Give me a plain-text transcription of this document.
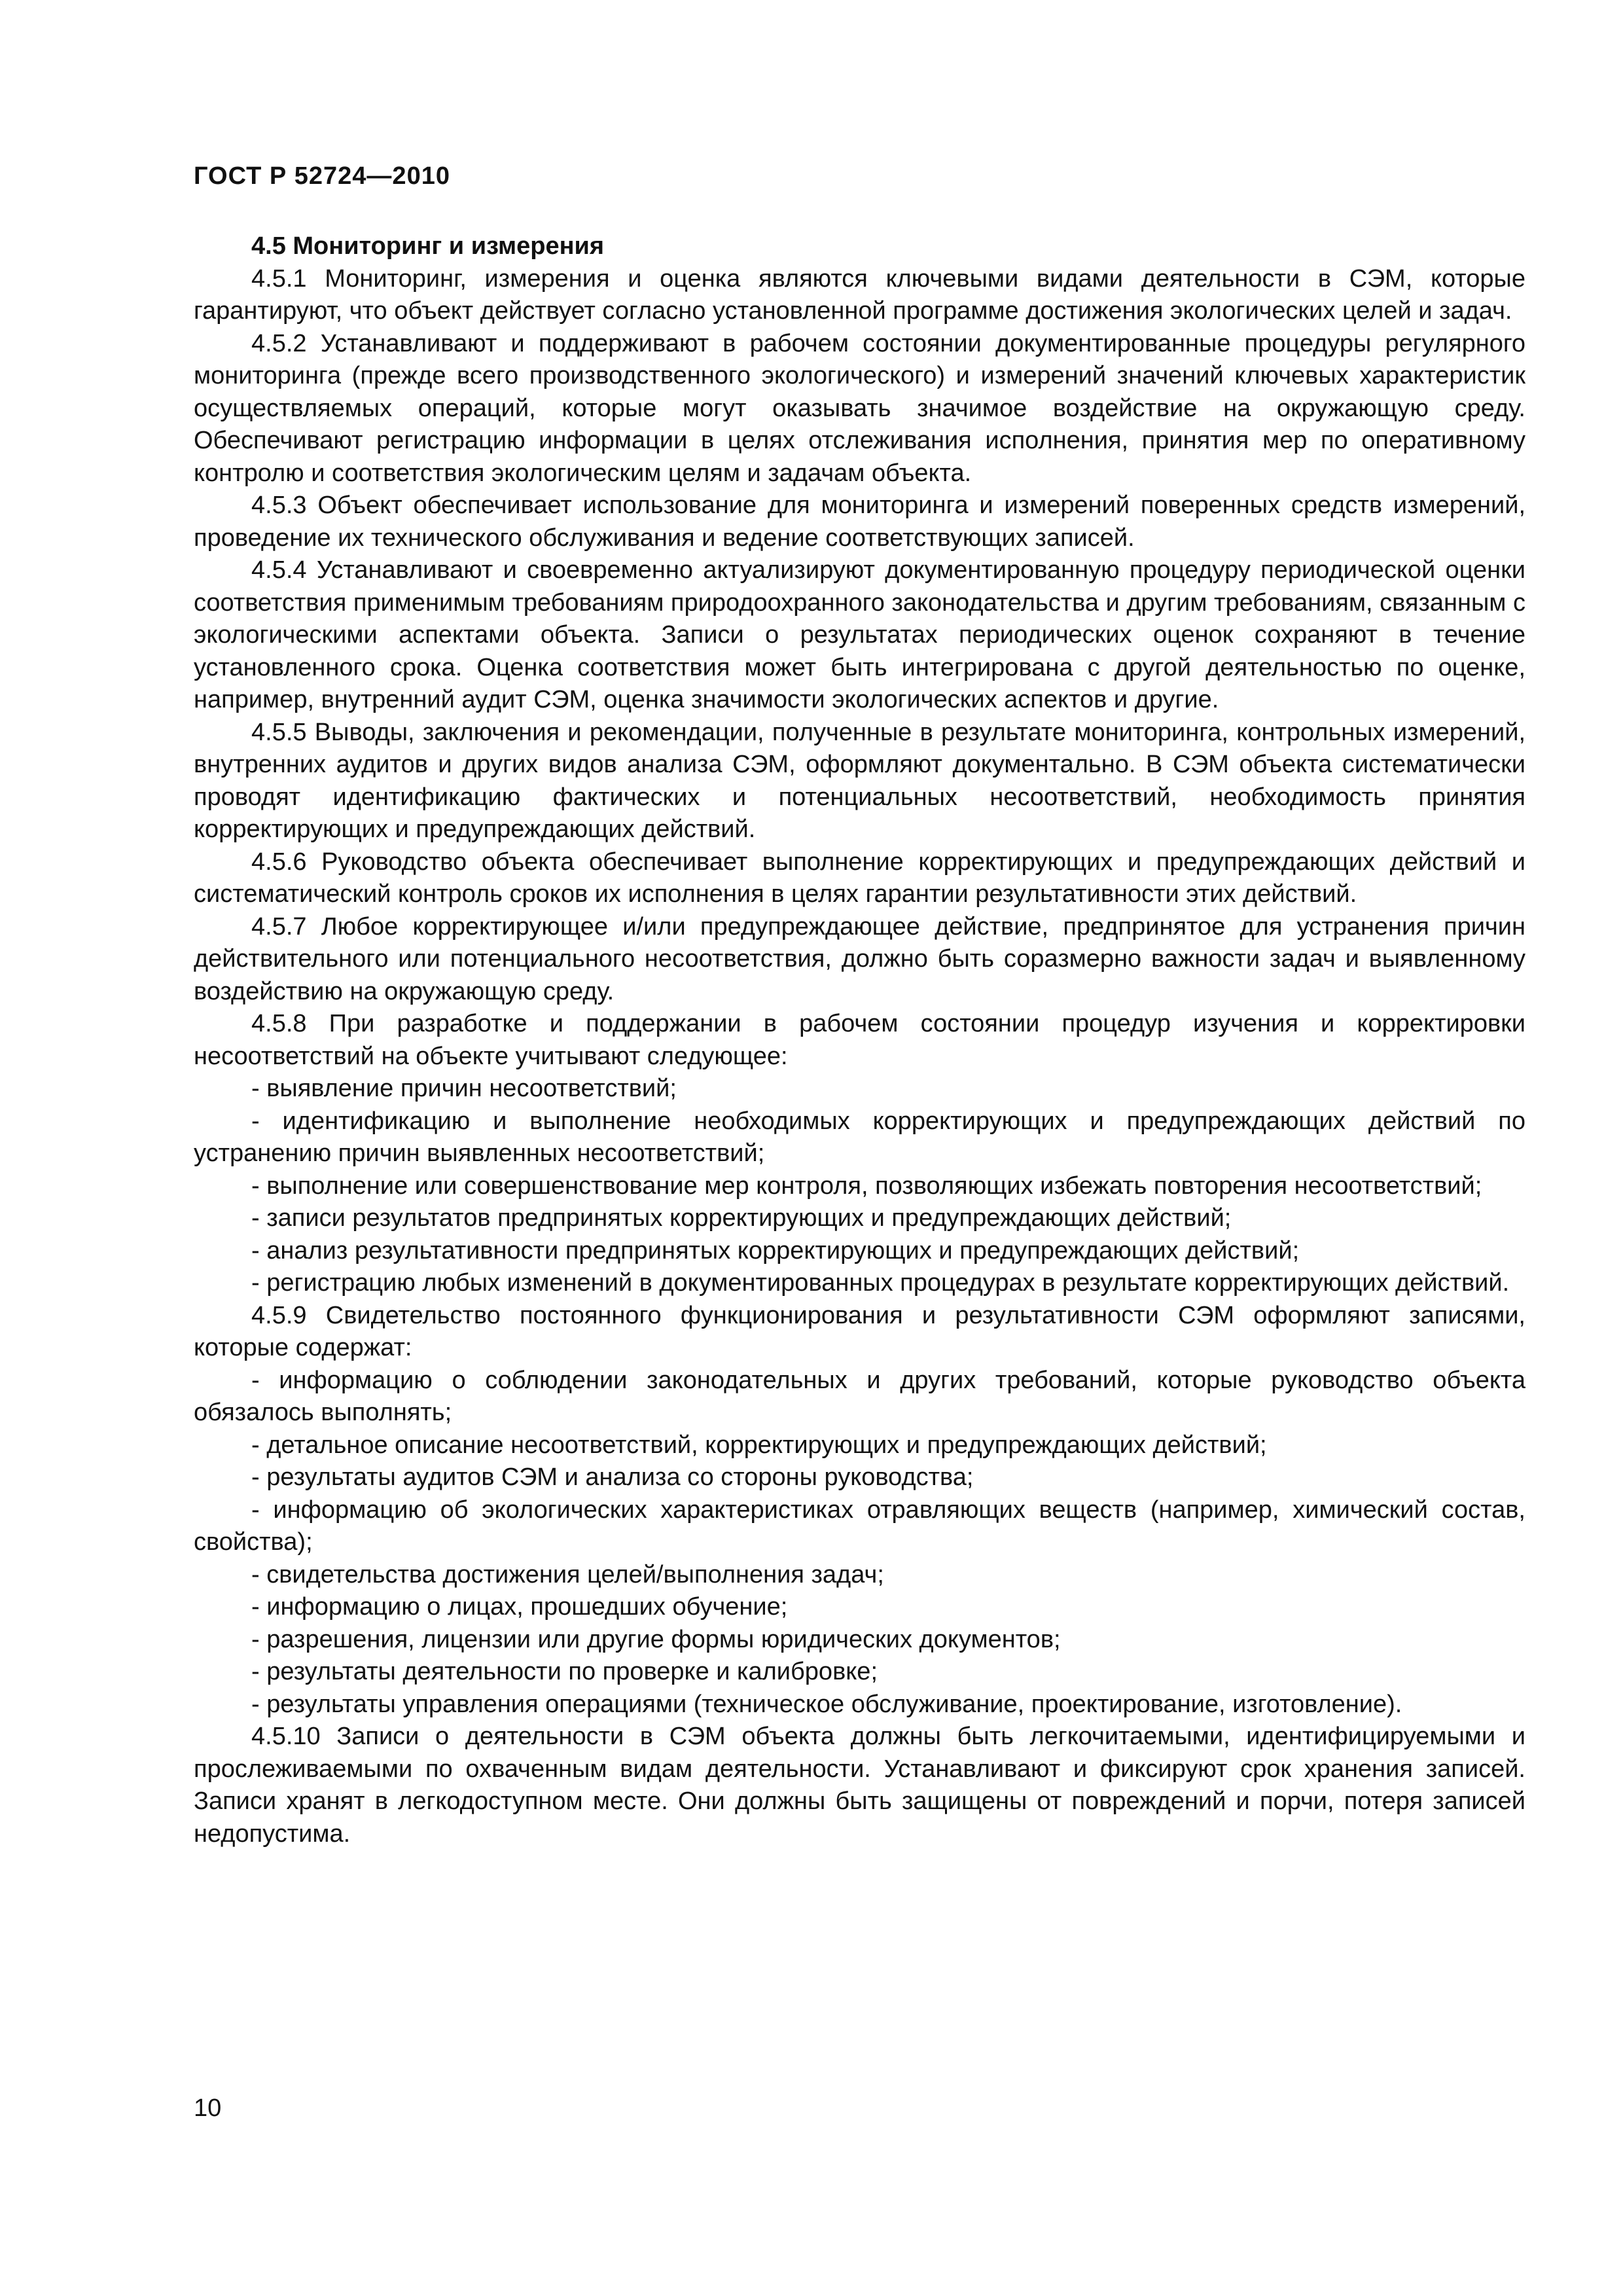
ГОСТ Р 52724—2010
4.5 Мониторинг и измерения

4.5.1 Мониторинг, измерения и оценка являются ключевыми видами деятельности в СЭМ, которые гарантируют, что объект действует согласно установленной программе достижения экологических целей и задач.

4.5.2 Устанавливают и поддерживают в рабочем состоянии документированные процедуры регулярного мониторинга (прежде всего производственного экологического) и измерений значений ключевых характеристик осуществляемых операций, которые могут оказывать значимое воздействие на окружающую среду. Обеспечивают регистрацию информации в целях отслеживания исполнения, принятия мер по оперативному контролю и соответствия экологическим целям и задачам объекта.

4.5.3 Объект обеспечивает использование для мониторинга и измерений поверенных средств измерений, проведение их технического обслуживания и ведение соответствующих записей.

4.5.4 Устанавливают и своевременно актуализируют документированную процедуру периодической оценки соответствия применимым требованиям природоохранного законодательства и другим требованиям, связанным с экологическими аспектами объекта. Записи о результатах периодических оценок сохраняют в течение установленного срока. Оценка соответствия может быть интегрирована с другой деятельностью по оценке, например, внутренний аудит СЭМ, оценка значимости экологических аспектов и другие.

4.5.5 Выводы, заключения и рекомендации, полученные в результате мониторинга, контрольных измерений, внутренних аудитов и других видов анализа СЭМ, оформляют документально. В СЭМ объекта систематически проводят идентификацию фактических и потенциальных несоответствий, необходимость принятия корректирующих и предупреждающих действий.

4.5.6 Руководство объекта обеспечивает выполнение корректирующих и предупреждающих действий и систематический контроль сроков их исполнения в целях гарантии результативности этих действий.

4.5.7 Любое корректирующее и/или предупреждающее действие, предпринятое для устранения причин действительного или потенциального несоответствия, должно быть соразмерно важности задач и выявленному воздействию на окружающую среду.

4.5.8 При разработке и поддержании в рабочем состоянии процедур изучения и корректировки несоответствий на объекте учитывают следующее:

- выявление причин несоответствий;

- идентификацию и выполнение необходимых корректирующих и предупреждающих действий по устранению причин выявленных несоответствий;

- выполнение или совершенствование мер контроля, позволяющих избежать повторения несоответствий;

- записи результатов предпринятых корректирующих и предупреждающих действий;

- анализ результативности предпринятых корректирующих и предупреждающих действий;

- регистрацию любых изменений в документированных процедурах в результате корректирующих действий.

4.5.9 Свидетельство постоянного функционирования и результативности СЭМ оформляют записями, которые содержат:

- информацию о соблюдении законодательных и других требований, которые руководство объекта обязалось выполнять;

- детальное описание несоответствий, корректирующих и предупреждающих действий;

- результаты аудитов СЭМ и анализа со стороны руководства;

- информацию об экологических характеристиках отравляющих веществ (например, химический состав, свойства);

- свидетельства достижения целей/выполнения задач;

- информацию о лицах, прошедших обучение;

- разрешения, лицензии или другие формы юридических документов;

- результаты деятельности по проверке и калибровке;

- результаты управления операциями (техническое обслуживание, проектирование, изготовление).

4.5.10 Записи о деятельности в СЭМ объекта должны быть легкочитаемыми, идентифицируемыми и прослеживаемыми по охваченным видам деятельности. Устанавливают и фиксируют срок хранения записей. Записи хранят в легкодоступном месте. Они должны быть защищены от повреждений и порчи, потеря записей недопустима.

10
